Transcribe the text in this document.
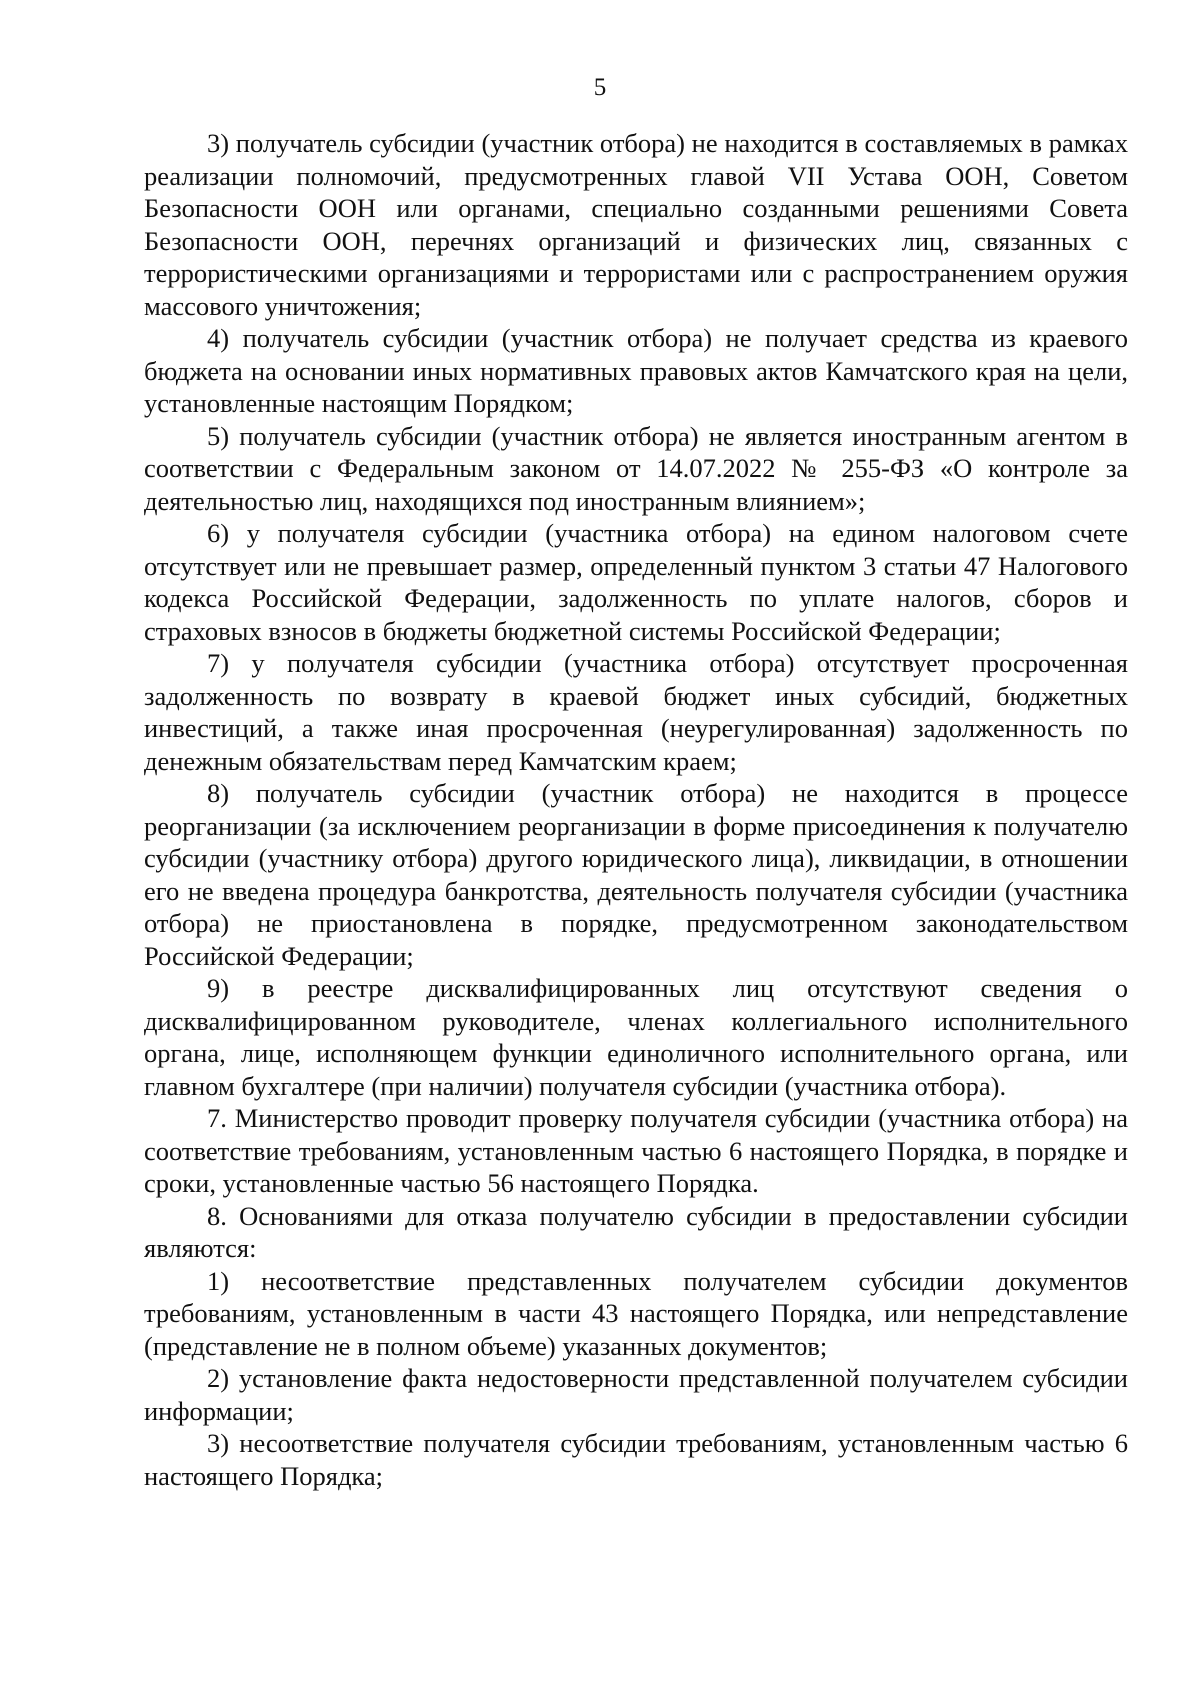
5

3) получатель субсидии (участник отбора) не находится в составляемых в рамках реализации полномочий, предусмотренных главой VII Устава ООН, Советом Безопасности ООН или органами, специально созданными решениями Совета Безопасности ООН, перечнях организаций и физических лиц, связанных с террористическими организациями и террористами или с распространением оружия массового уничтожения;

4) получатель субсидии (участник отбора) не получает средства из краевого бюджета на основании иных нормативных правовых актов Камчатского края на цели, установленные настоящим Порядком;

5) получатель субсидии (участник отбора) не является иностранным агентом в соответствии с Федеральным законом от 14.07.2022 № 255-ФЗ «О контроле за деятельностью лиц, находящихся под иностранным влиянием»;

6) у получателя субсидии (участника отбора) на едином налоговом счете отсутствует или не превышает размер, определенный пунктом 3 статьи 47 Налогового кодекса Российской Федерации, задолженность по уплате налогов, сборов и страховых взносов в бюджеты бюджетной системы Российской Федерации;

7) у получателя субсидии (участника отбора) отсутствует просроченная задолженность по возврату в краевой бюджет иных субсидий, бюджетных инвестиций, а также иная просроченная (неурегулированная) задолженность по денежным обязательствам перед Камчатским краем;

8) получатель субсидии (участник отбора) не находится в процессе реорганизации (за исключением реорганизации в форме присоединения к получателю субсидии (участнику отбора) другого юридического лица), ликвидации, в отношении его не введена процедура банкротства, деятельность получателя субсидии (участника отбора) не приостановлена в порядке, предусмотренном законодательством Российской Федерации;

9) в реестре дисквалифицированных лиц отсутствуют сведения о дисквалифицированном руководителе, членах коллегиального исполнительного органа, лице, исполняющем функции единоличного исполнительного органа, или главном бухгалтере (при наличии) получателя субсидии (участника отбора).

7. Министерство проводит проверку получателя субсидии (участника отбора) на соответствие требованиям, установленным частью 6 настоящего Порядка, в порядке и сроки, установленные частью 56 настоящего Порядка.

8. Основаниями для отказа получателю субсидии в предоставлении субсидии являются:

1) несоответствие представленных получателем субсидии документов требованиям, установленным в части 43 настоящего Порядка, или непредставление (представление не в полном объеме) указанных документов;

2) установление факта недостоверности представленной получателем субсидии информации;

3) несоответствие получателя субсидии требованиям, установленным частью 6 настоящего Порядка;
